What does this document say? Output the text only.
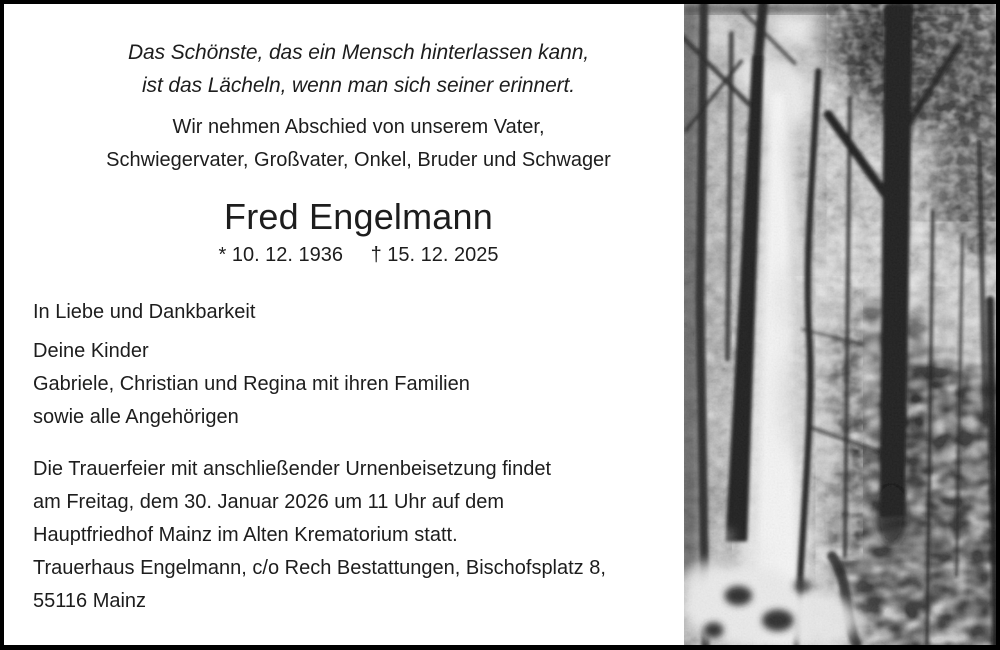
Das Schönste, das ein Mensch hinterlassen kann,
ist das Lächeln, wenn man sich seiner erinnert.
Wir nehmen Abschied von unserem Vater,
Schwiegervater, Großvater, Onkel, Bruder und Schwager
Fred Engelmann
* 10. 12. 1936 † 15. 12. 2025
In Liebe und Dankbarkeit
Deine Kinder
Gabriele, Christian und Regina mit ihren Familien
sowie alle Angehörigen
Die Trauerfeier mit anschließender Urnenbeisetzung findet
am Freitag, dem 30. Januar 2026 um 11 Uhr auf dem
Hauptfriedhof Mainz im Alten Krematorium statt.
Trauerhaus Engelmann, c/o Rech Bestattungen, Bischofsplatz 8,
55116 Mainz
